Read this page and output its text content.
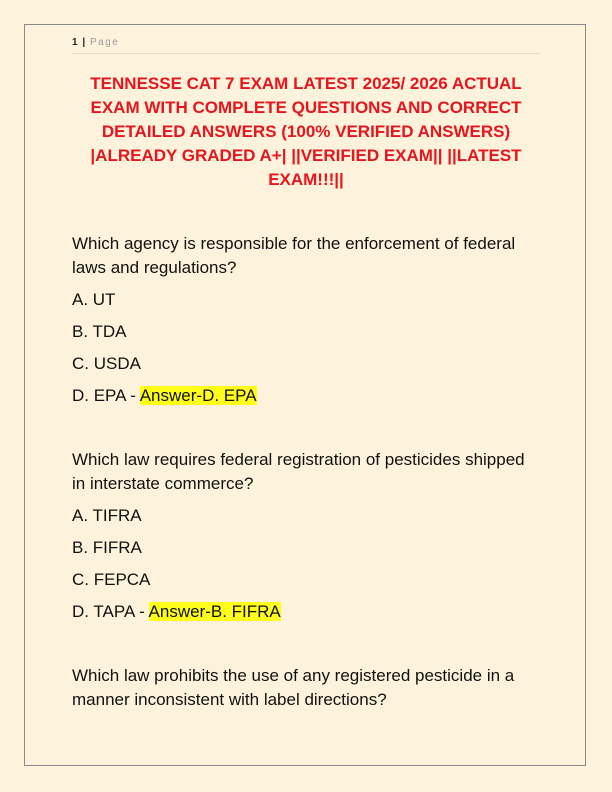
1 | Page
TENNESSE CAT 7 EXAM LATEST 2025/ 2026 ACTUAL EXAM WITH COMPLETE QUESTIONS AND CORRECT DETAILED ANSWERS (100% VERIFIED ANSWERS) |ALREADY GRADED A+| ||VERIFIED EXAM|| ||LATEST EXAM!!!||
Which agency is responsible for the enforcement of federal laws and regulations?
A. UT
B. TDA
C. USDA
D. EPA - Answer-D. EPA
Which law requires federal registration of pesticides shipped in interstate commerce?
A. TIFRA
B. FIFRA
C. FEPCA
D. TAPA - Answer-B. FIFRA
Which law prohibits the use of any registered pesticide in a manner inconsistent with label directions?
